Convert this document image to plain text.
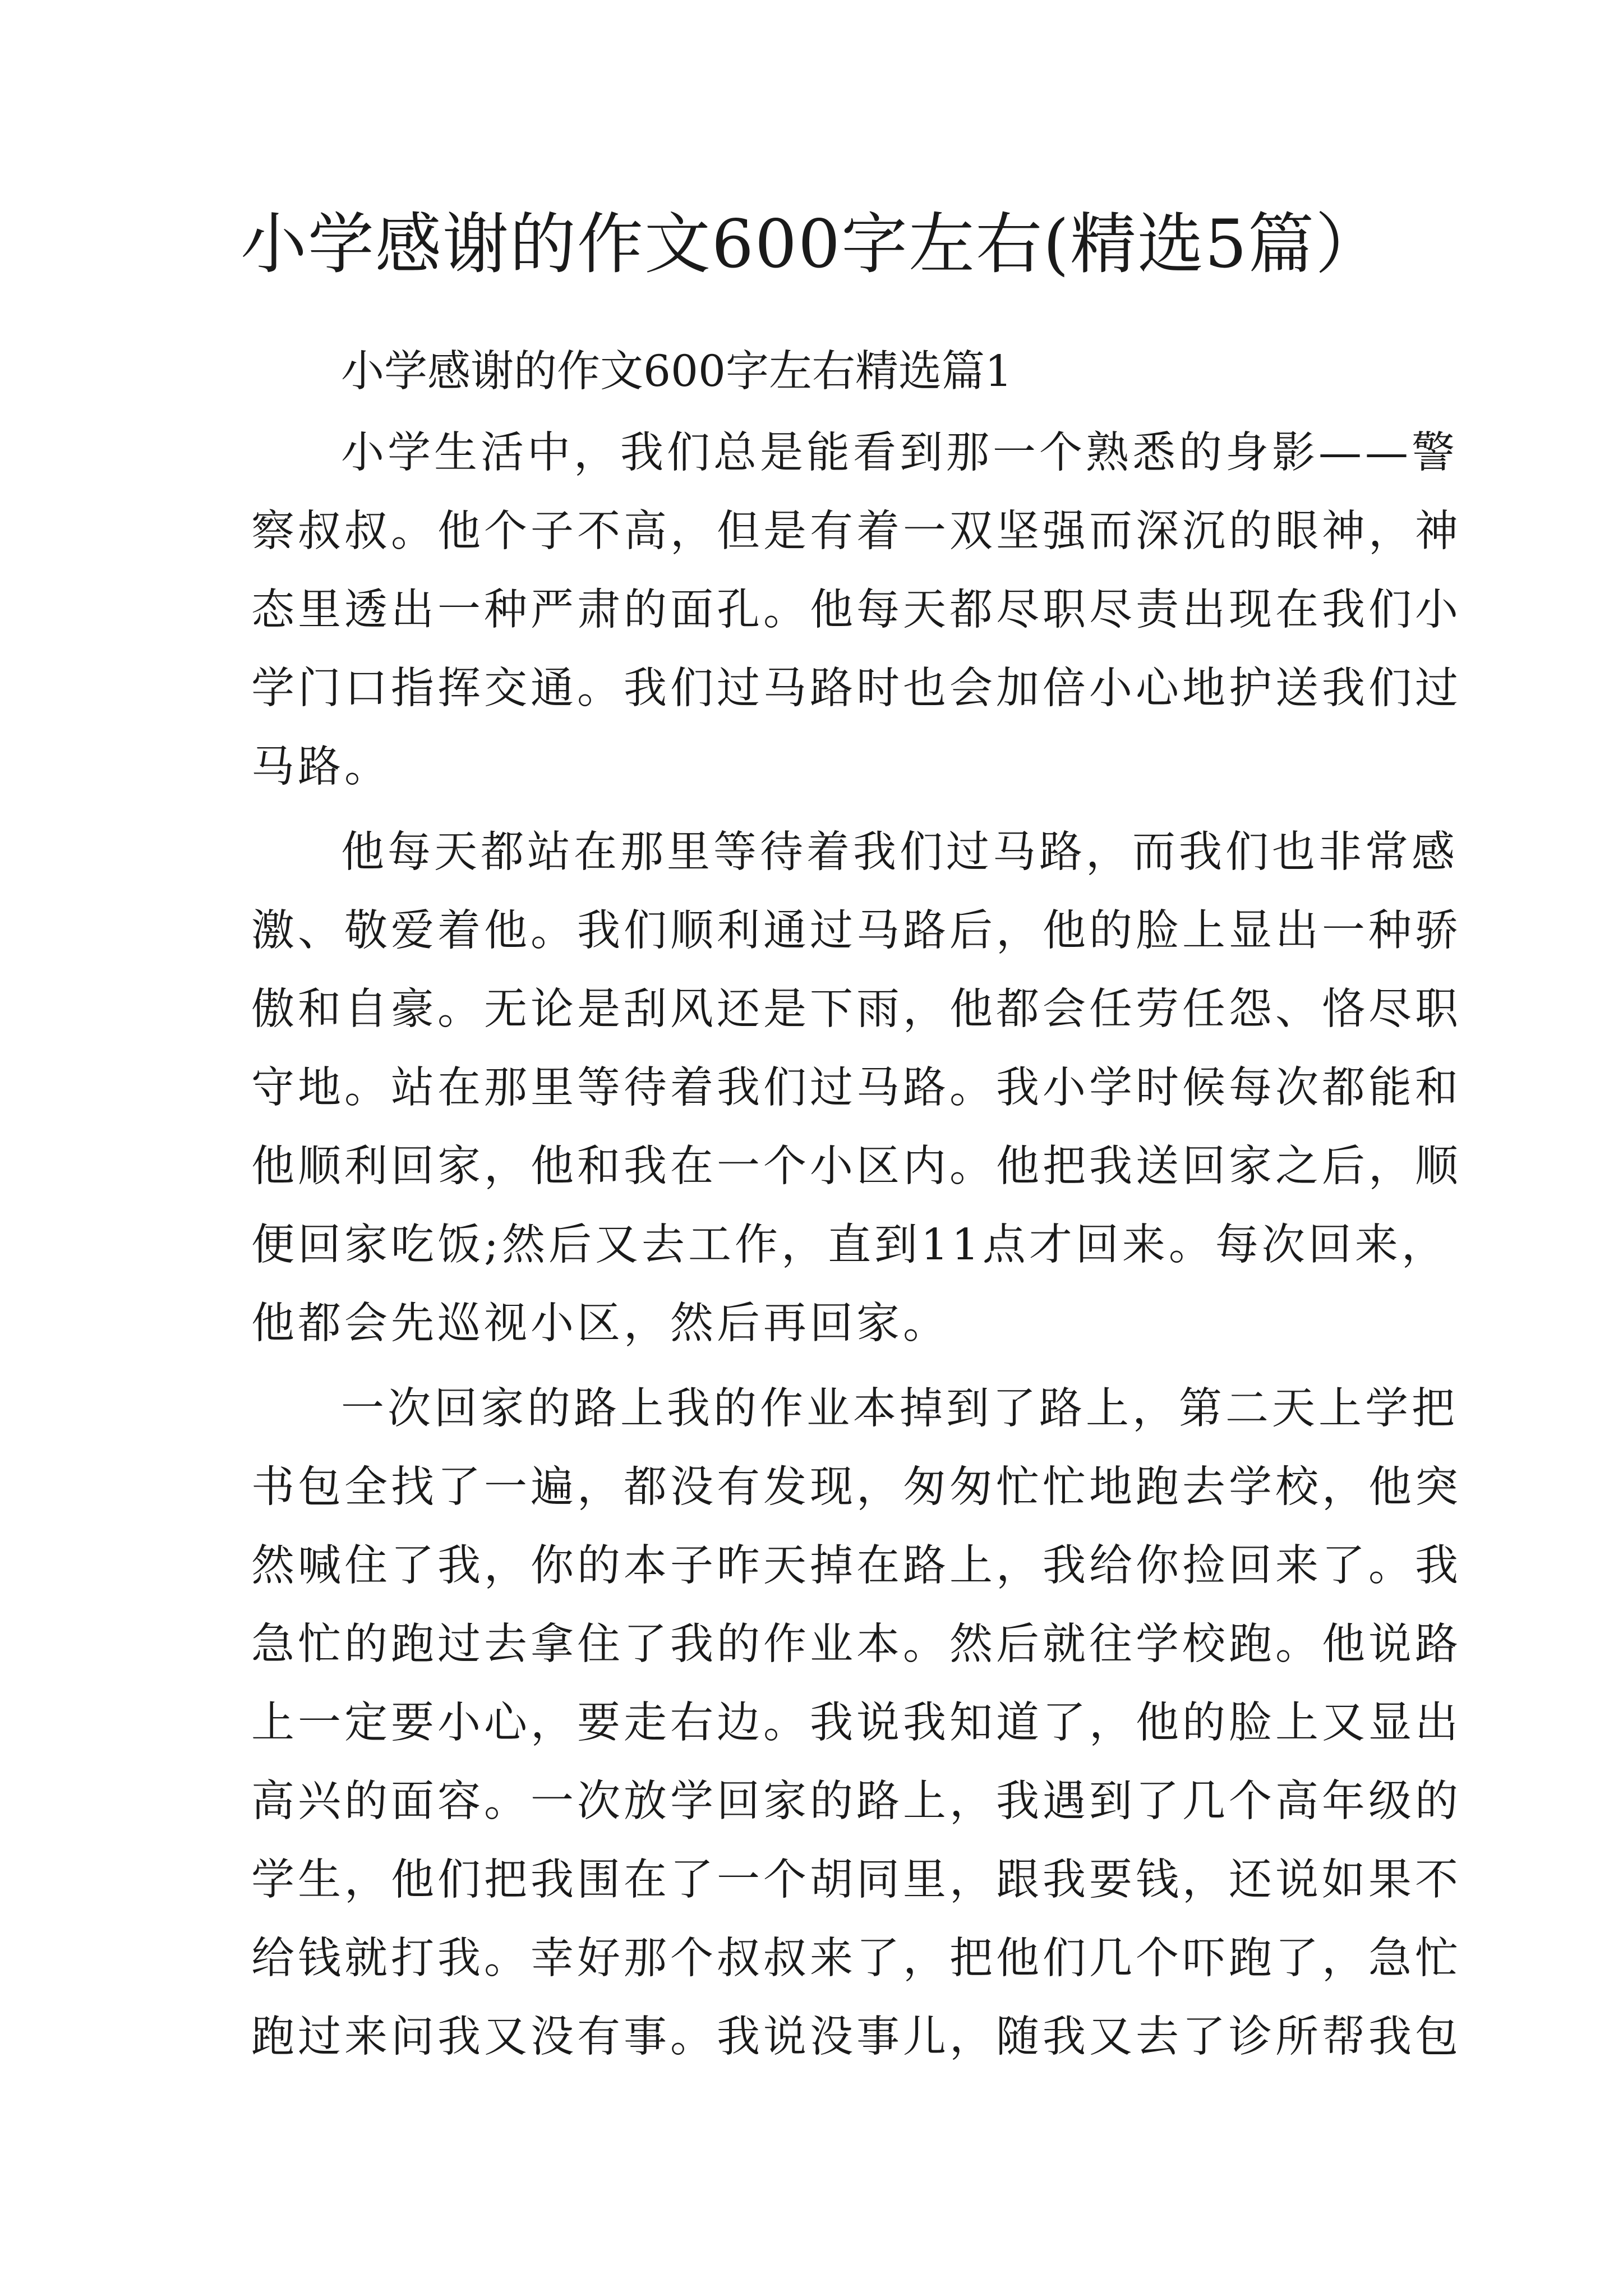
小学感谢的作文600字左右(精选5篇）

小学感谢的作文600字左右精选篇1

小学生活中，我们总是能看到那一个熟悉的身影——警

察叔叔。他个子不高，但是有着一双坚强而深沉的眼神，神

态里透出一种严肃的面孔。他每天都尽职尽责出现在我们小

学门口指挥交通。我们过马路时也会加倍小心地护送我们过

马路。

他每天都站在那里等待着我们过马路，而我们也非常感

激、敬爱着他。我们顺利通过马路后，他的脸上显出一种骄

傲和自豪。无论是刮风还是下雨，他都会任劳任怨、恪尽职

守地。站在那里等待着我们过马路。我小学时候每次都能和

他顺利回家，他和我在一个小区内。他把我送回家之后，顺

便回家吃饭;然后又去工作，直到11点才回来。每次回来，

他都会先巡视小区，然后再回家。

一次回家的路上我的作业本掉到了路上，第二天上学把

书包全找了一遍，都没有发现，匆匆忙忙地跑去学校，他突

然喊住了我，你的本子昨天掉在路上，我给你捡回来了。我

急忙的跑过去拿住了我的作业本。然后就往学校跑。他说路

上一定要小心，要走右边。我说我知道了，他的脸上又显出

高兴的面容。一次放学回家的路上，我遇到了几个高年级的

学生，他们把我围在了一个胡同里，跟我要钱，还说如果不

给钱就打我。幸好那个叔叔来了，把他们几个吓跑了，急忙

跑过来问我又没有事。我说没事儿，随我又去了诊所帮我包
